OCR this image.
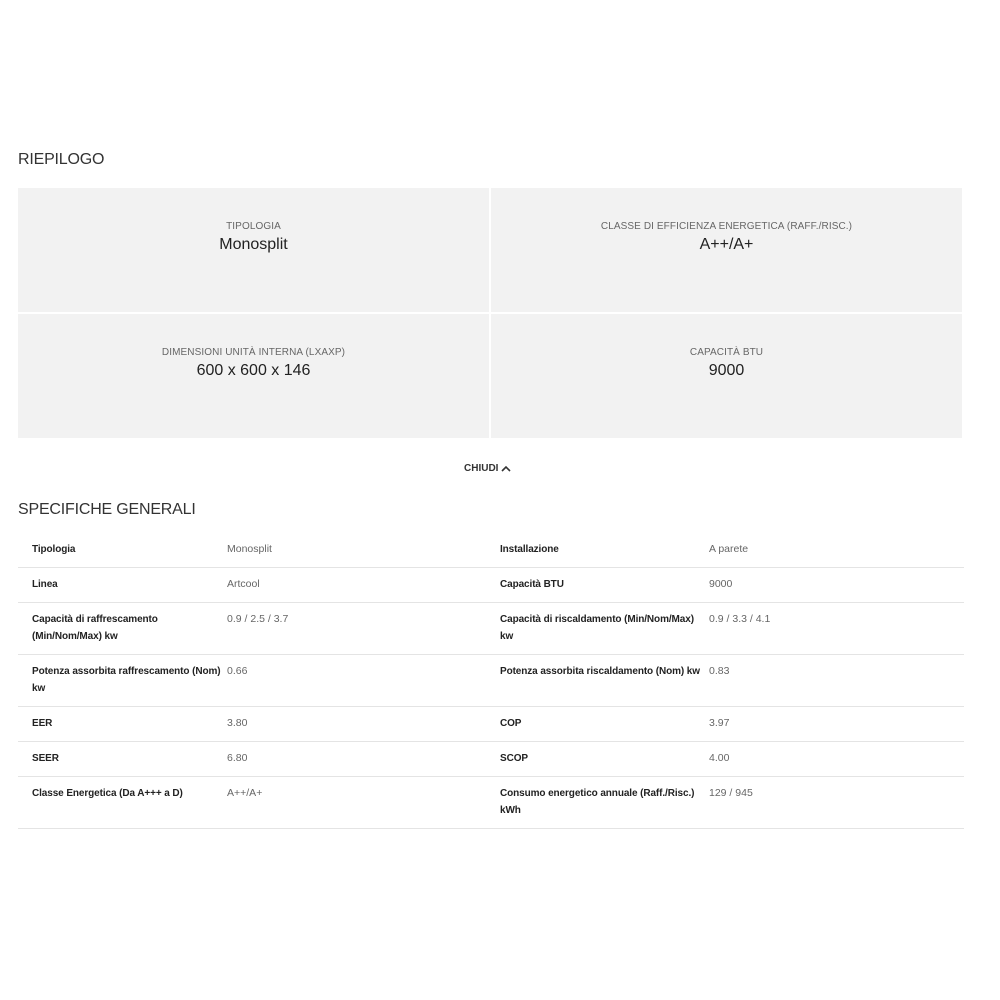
RIEPILOGO
TIPOLOGIA
Monosplit
CLASSE DI EFFICIENZA ENERGETICA (RAFF./RISC.)
A++/A+
DIMENSIONI UNITÀ INTERNA (LXAXP)
600 x 600 x 146
CAPACITÀ BTU
9000
CHIUDI
SPECIFICHE GENERALI
Tipologia	Monosplit	Installazione	A parete
Linea	Artcool	Capacità BTU	9000
Capacità di raffrescamento (Min/Nom/Max) kw	0.9 / 2.5 / 3.7	Capacità di riscaldamento (Min/Nom/Max) kw	0.9 / 3.3 / 4.1
Potenza assorbita raffrescamento (Nom) kw	0.66	Potenza assorbita riscaldamento (Nom) kw	0.83
EER	3.80	COP	3.97
SEER	6.80	SCOP	4.00
Classe Energetica (Da A+++ a D)	A++/A+	Consumo energetico annuale (Raff./Risc.) kWh	129 / 945
